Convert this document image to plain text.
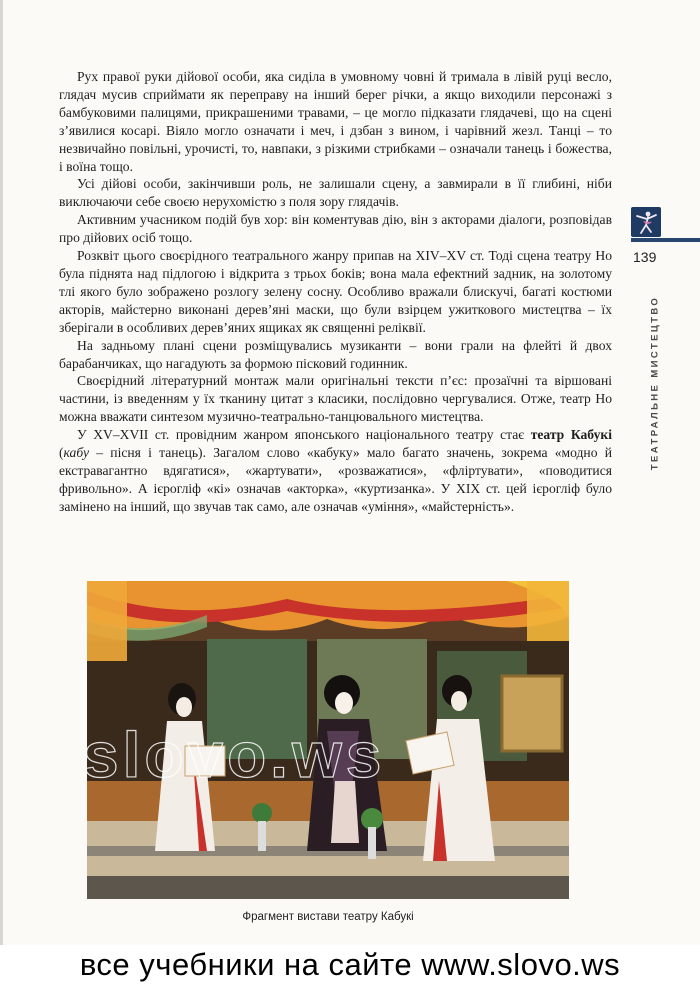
Рух правої руки дійової особи, яка сиділа в умовному човні й тримала в лівій руці весло, глядач мусив сприймати як переправу на інший берег річки, а якщо виходили персонажі з бамбуковими палицями, прикрашеними травами, – це могло підказати глядачеві, що на сцені з’явилися косарі. Віяло могло означати і меч, і дзбан з вином, і чарівний жезл. Танці – то незвичайно повільні, урочисті, то, навпаки, з різкими стрибками – означали танець і божества, і воїна тощо.

Усі дійові особи, закінчивши роль, не залишали сцену, а завмирали в її глибині, ніби виключаючи себе своєю нерухомістю з поля зору глядачів.

Активним учасником подій був хор: він коментував дію, він з акторами діалоги, розповідав про дійових осіб тощо.

Розквіт цього своєрідного театрального жанру припав на XIV–XV ст. Тоді сцена театру Но була піднята над підлогою і відкрита з трьох боків; вона мала ефектний задник, на золотому тлі якого було зображено розлогу зелену сосну. Особливо вражали блискучі, багаті костюми акторів, майстерно виконані дерев’яні маски, що були взірцем ужиткового мистецтва – їх зберігали в особливих дерев’яних ящиках як священні реліквії.

На задньому плані сцени розміщувались музиканти – вони грали на флейті й двох барабанчиках, що нагадують за формою пісковий годинник.

Своєрідний літературний монтаж мали оригінальні тексти п’єс: прозаїчні та віршовані частини, із введенням у їх тканину цитат з класики, послідовно чергувалися. Отже, театр Но можна вважати синтезом музично-театрально-танцювального мистецтва.

У XV–XVII ст. провідним жанром японського національного театру стає театр Кабукі (кабу – пісня і танець). Загалом слово «кабуку» мало багато значень, зокрема «модно й екстравагантно вдягатися», «жартувати», «розважатися», «фліртувати», «поводитися фривольно». А ієрогліф «кі» означав «акторка», «куртизанка». У XIX ст. цей ієрогліф було замінено на інший, що звучав так само, але означав «уміння», «майстерність».

139
ТЕАТРАЛЬНЕ МИСТЕЦТВО
slovo.ws
Фрагмент вистави театру Кабукі
все учебники на сайте www.slovo.ws
